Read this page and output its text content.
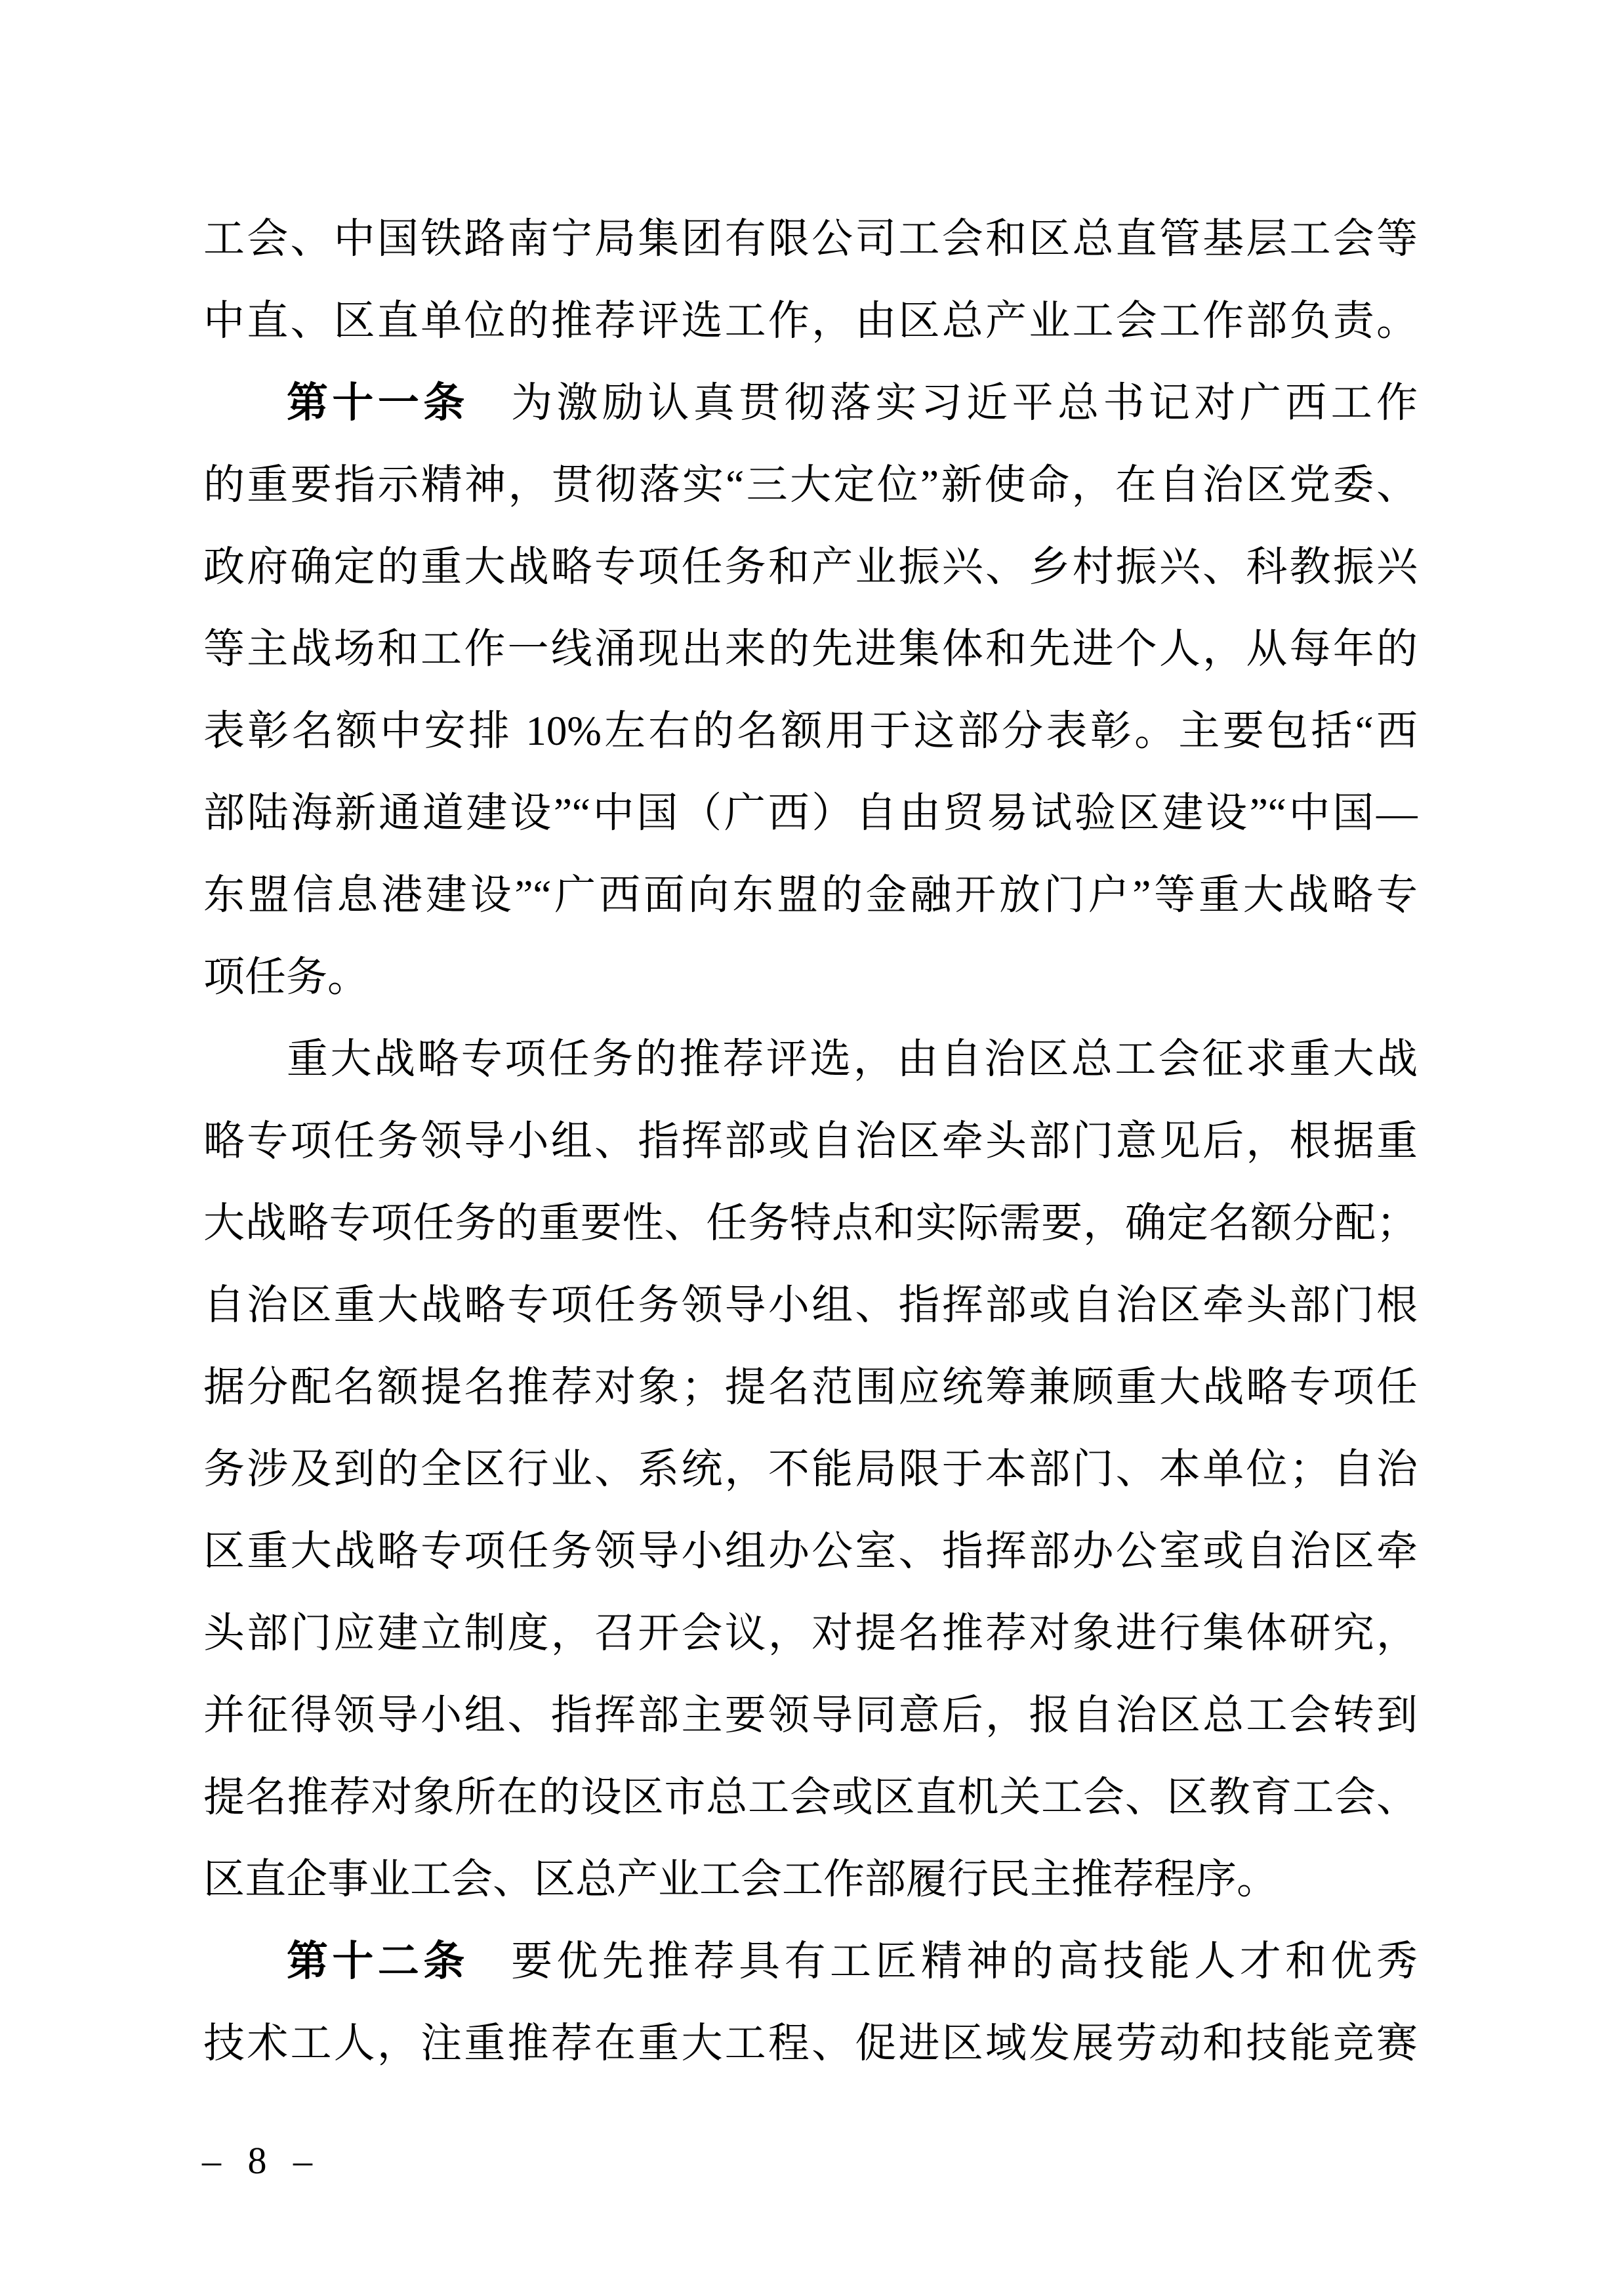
工会、中国铁路南宁局集团有限公司工会和区总直管基层工会等
中直、区直单位的推荐评选工作，由区总产业工会工作部负责。
第十一条 为激励认真贯彻落实习近平总书记对广西工作
的重要指示精神，贯彻落实“三大定位”新使命，在自治区党委、
政府确定的重大战略专项任务和产业振兴、乡村振兴、科教振兴
等主战场和工作一线涌现出来的先进集体和先进个人，从每年的
表彰名额中安排 10%左右的名额用于这部分表彰。主要包括“西
部陆海新通道建设”“中国（广西）自由贸易试验区建设”“中国—
东盟信息港建设”“广西面向东盟的金融开放门户”等重大战略专
项任务。
重大战略专项任务的推荐评选，由自治区总工会征求重大战
略专项任务领导小组、指挥部或自治区牵头部门意见后，根据重
大战略专项任务的重要性、任务特点和实际需要，确定名额分配；
自治区重大战略专项任务领导小组、指挥部或自治区牵头部门根
据分配名额提名推荐对象；提名范围应统筹兼顾重大战略专项任
务涉及到的全区行业、系统，不能局限于本部门、本单位；自治
区重大战略专项任务领导小组办公室、指挥部办公室或自治区牵
头部门应建立制度，召开会议，对提名推荐对象进行集体研究，
并征得领导小组、指挥部主要领导同意后，报自治区总工会转到
提名推荐对象所在的设区市总工会或区直机关工会、区教育工会、
区直企事业工会、区总产业工会工作部履行民主推荐程序。
第十二条 要优先推荐具有工匠精神的高技能人才和优秀
技术工人，注重推荐在重大工程、促进区域发展劳动和技能竞赛
– 8 –
